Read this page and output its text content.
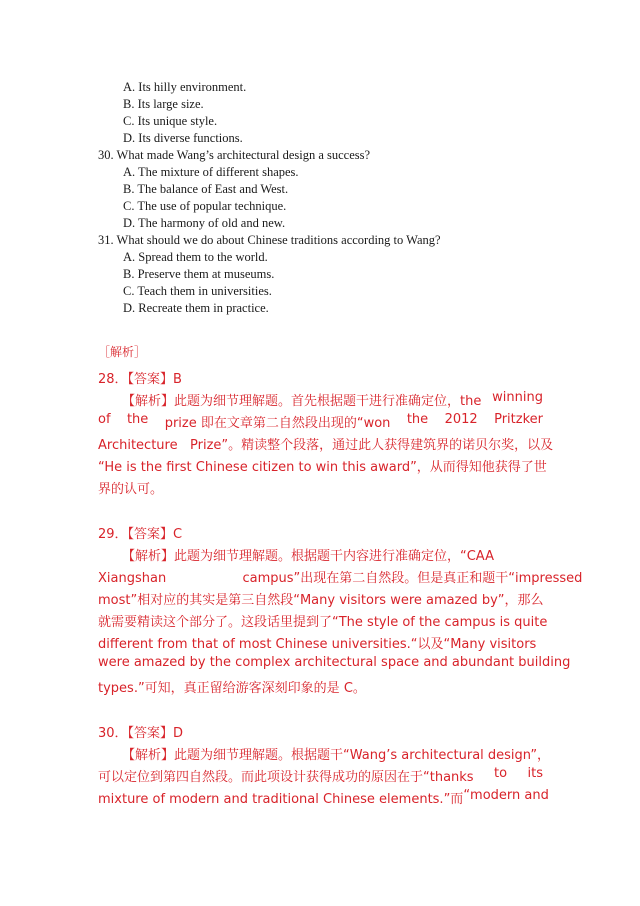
A. Its hilly environment.
B. Its large size.
C. Its unique style.
D. Its diverse functions.
30. What made Wang’s architectural design a success?
A. The mixture of different shapes.
B. The balance of East and West.
C. The use of popular technique.
D. The harmony of old and new.
31. What should we do about Chinese traditions according to Wang?
A. Spread them to the world.
B. Preserve them at museums.
C. Teach them in universities.
D. Recreate them in practice.
［解析］
28．【答案】B
【解析】此题为细节理解题。首先根据题干进行准确定位，the winning
of the prize 即在文章第二自然段出现的“won the 2012 Pritzker
Architecture Prize”。精读整个段落，通过此人获得建筑界的诺贝尔奖，以及
“He is the first Chinese citizen to win this award”，从而得知他获得了世
界的认可。
29．【答案】C
【解析】此题为细节理解题。根据题干内容进行准确定位，“CAA
Xiangshan	campus”出现在第二自然段。但是真正和题干“impressed
most”相对应的其实是第三自然段“Many visitors were amazed by”，那么
就需要精读这个部分了。这段话里提到了“The style of the campus is quite
different from that of most Chinese universities.“以及“Many visitors
were amazed by the complex architectural space and abundant building
types.”可知，真正留给游客深刻印象的是 C。
30．【答案】D
【解析】此题为细节理解题。根据题干“Wang’s architectural design”，
可以定位到第四自然段。而此项设计获得成功的原因在于“thanks to its
mixture of modern and traditional Chinese elements.”而 “modern and
